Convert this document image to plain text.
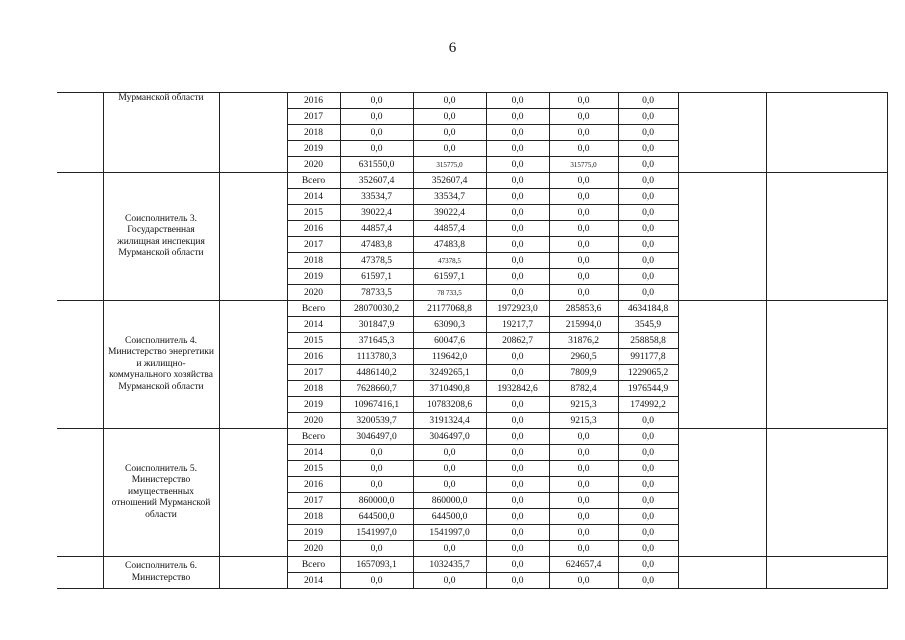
6
	Мурманской области		2016	0,0	0,0	0,0	0,0	0,0		
			2017	0,0	0,0	0,0	0,0	0,0		
			2018	0,0	0,0	0,0	0,0	0,0		
			2019	0,0	0,0	0,0	0,0	0,0		
			2020	631550,0	315775,0	0,0	315775,0	0,0		
	Соисполнитель 3. Государственная жилищная инспекция Мурманской области		Всего	352607,4	352607,4	0,0	0,0	0,0		
			2014	33534,7	33534,7	0,0	0,0	0,0		
			2015	39022,4	39022,4	0,0	0,0	0,0		
			2016	44857,4	44857,4	0,0	0,0	0,0		
			2017	47483,8	47483,8	0,0	0,0	0,0		
			2018	47378,5	47378,5	0,0	0,0	0,0		
			2019	61597,1	61597,1	0,0	0,0	0,0		
			2020	78733,5	78 733,5	0,0	0,0	0,0		
	Соисполнитель 4. Министерство энергетики и жилищно-коммунального хозяйства Мурманской области		Всего	28070030,2	21177068,8	1972923,0	285853,6	4634184,8		
			2014	301847,9	63090,3	19217,7	215994,0	3545,9		
			2015	371645,3	60047,6	20862,7	31876,2	258858,8		
			2016	1113780,3	119642,0	0,0	2960,5	991177,8		
			2017	4486140,2	3249265,1	0,0	7809,9	1229065,2		
			2018	7628660,7	3710490,8	1932842,6	8782,4	1976544,9		
			2019	10967416,1	10783208,6	0,0	9215,3	174992,2		
			2020	3200539,7	3191324,4	0,0	9215,3	0,0		
	Соисполнитель 5. Министерство имущественных отношений Мурманской области		Всего	3046497,0	3046497,0	0,0	0,0	0,0		
			2014	0,0	0,0	0,0	0,0	0,0		
			2015	0,0	0,0	0,0	0,0	0,0		
			2016	0,0	0,0	0,0	0,0	0,0		
			2017	860000,0	860000,0	0,0	0,0	0,0		
			2018	644500,0	644500,0	0,0	0,0	0,0		
			2019	1541997,0	1541997,0	0,0	0,0	0,0		
			2020	0,0	0,0	0,0	0,0	0,0		
	Соисполнитель 6. Министерство		Всего	1657093,1	1032435,7	0,0	624657,4	0,0		
			2014	0,0	0,0	0,0	0,0	0,0		
